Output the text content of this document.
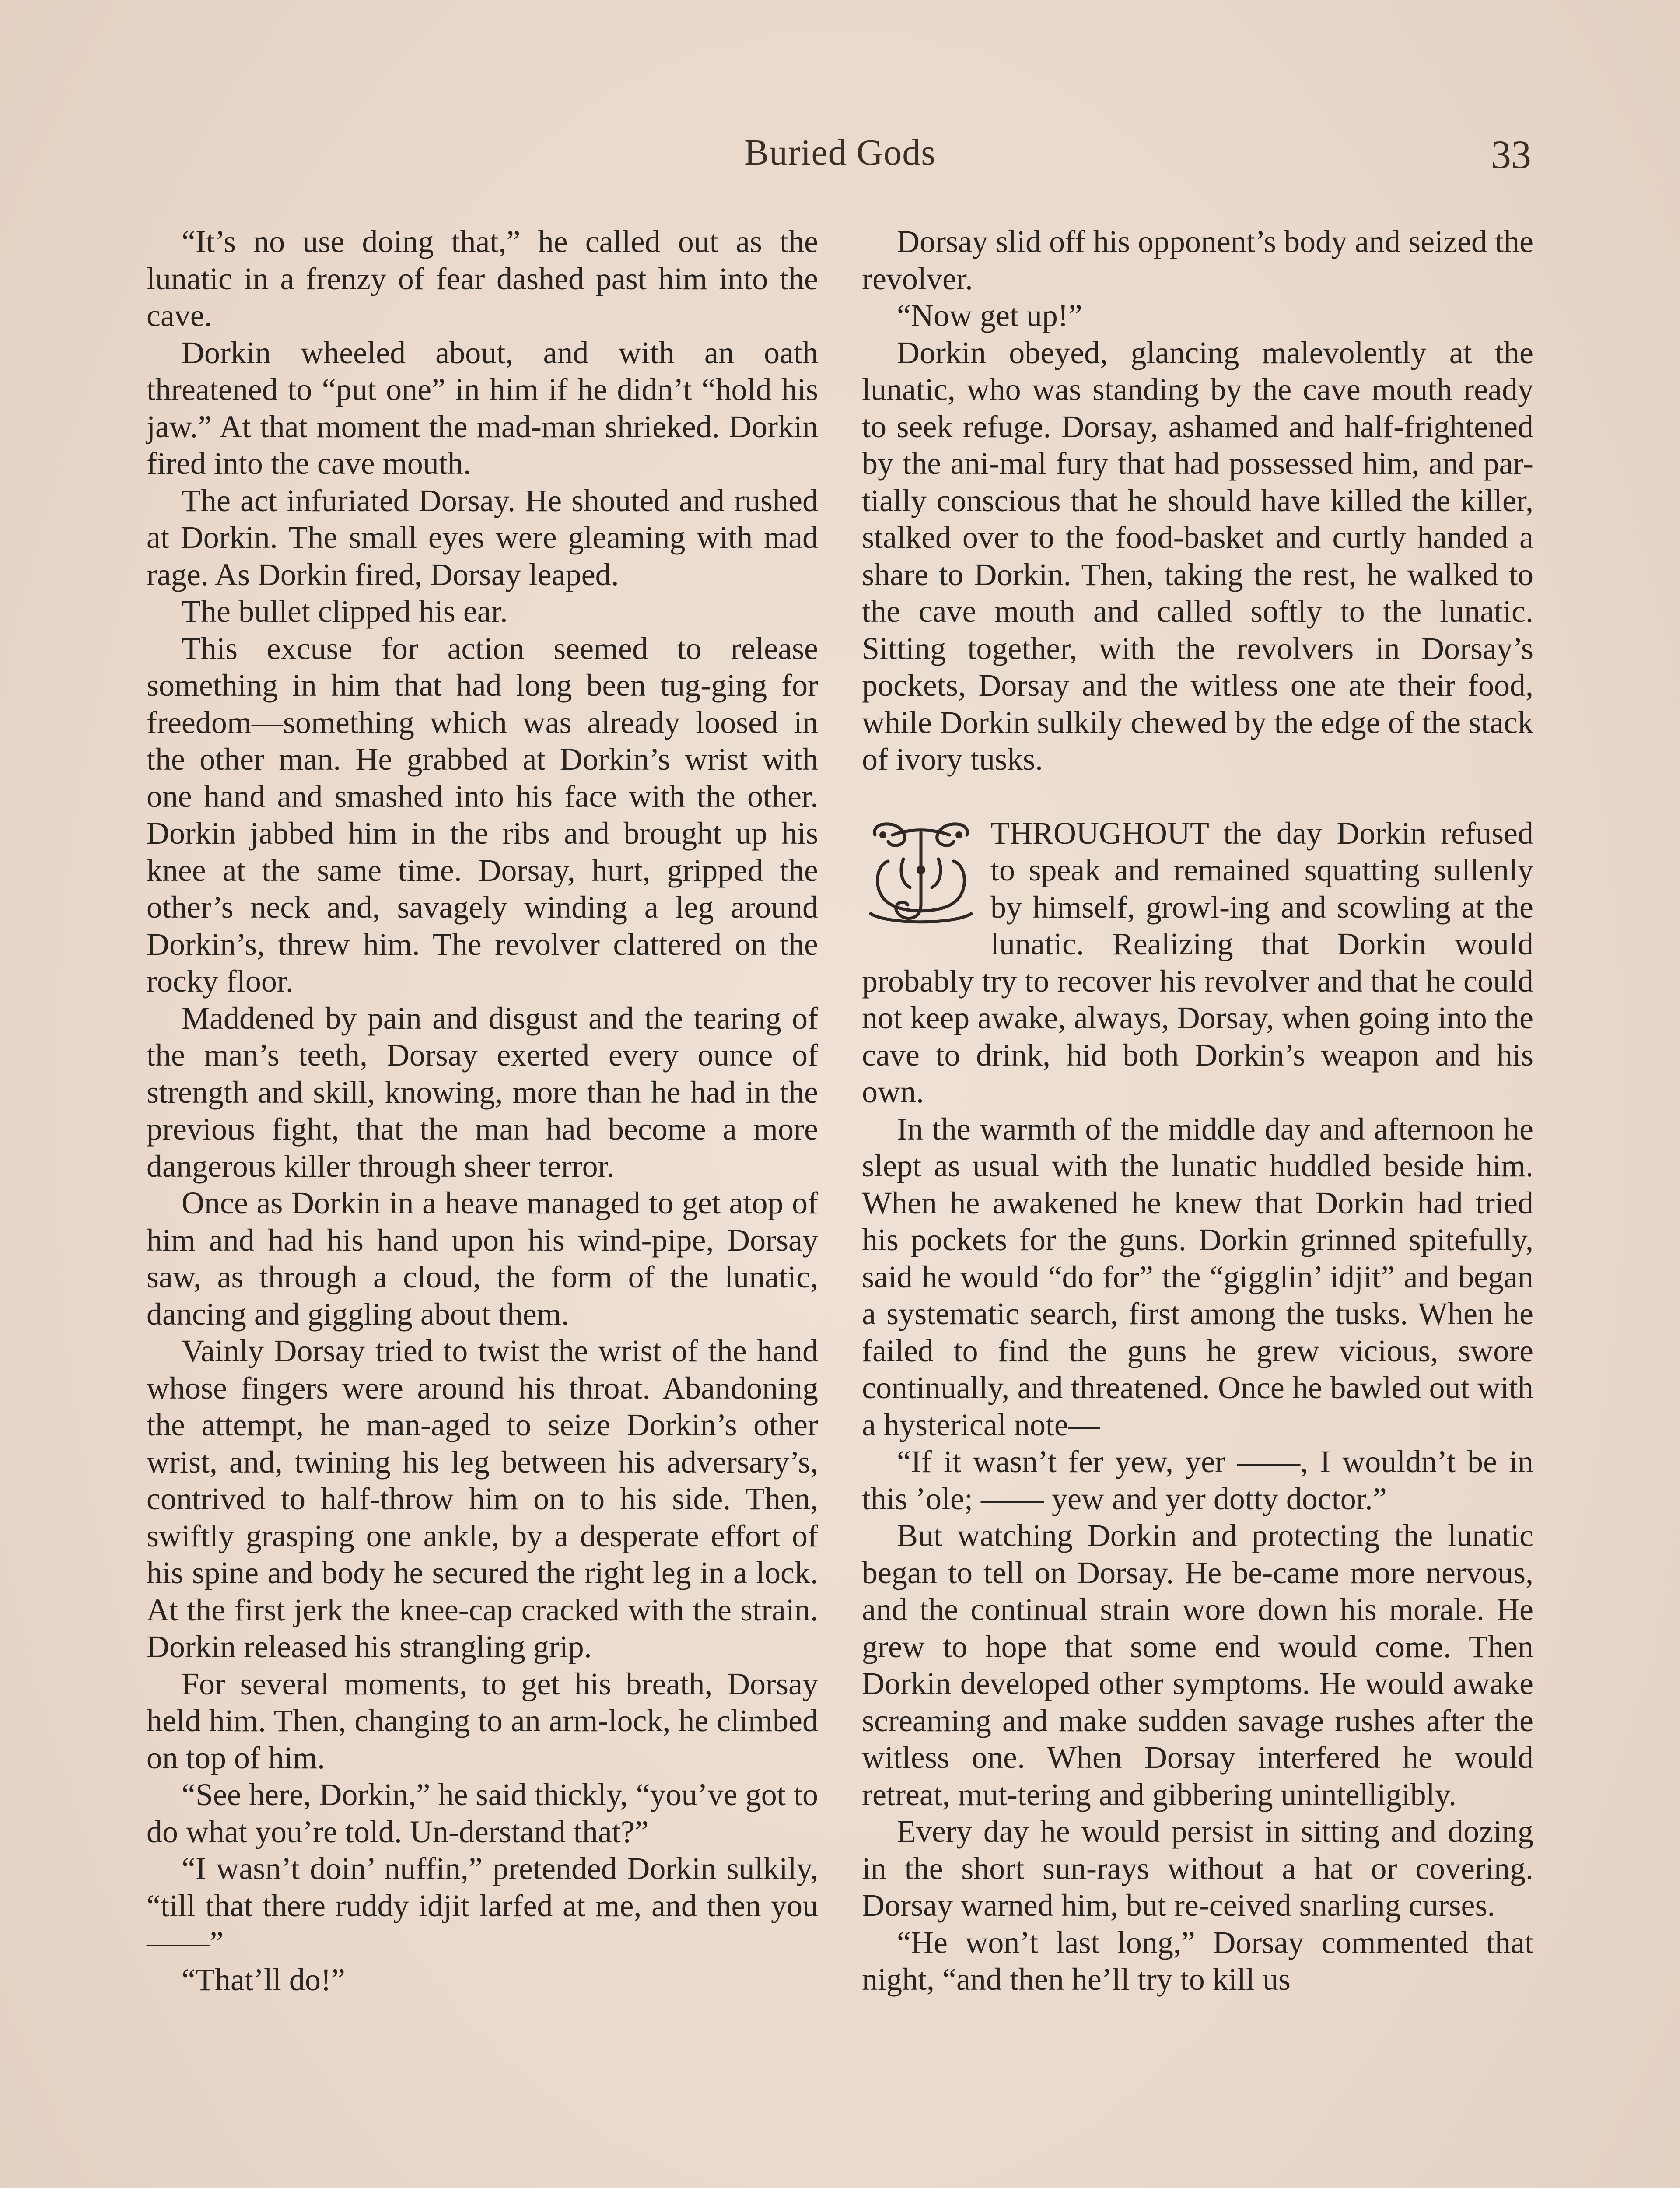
Buried Gods	33

“It’s no use doing that,” he called out as the lunatic in a frenzy of fear dashed past him into the cave.

Dorkin wheeled about, and with an oath threatened to “put one” in him if he didn’t “hold his jaw.” At that moment the mad-man shrieked. Dorkin fired into the cave mouth.

The act infuriated Dorsay. He shouted and rushed at Dorkin. The small eyes were gleaming with mad rage. As Dorkin fired, Dorsay leaped.

The bullet clipped his ear.

This excuse for action seemed to release something in him that had long been tug-ging for freedom—something which was already loosed in the other man. He grabbed at Dorkin’s wrist with one hand and smashed into his face with the other. Dorkin jabbed him in the ribs and brought up his knee at the same time. Dorsay, hurt, gripped the other’s neck and, savagely winding a leg around Dorkin’s, threw him. The revolver clattered on the rocky floor.

Maddened by pain and disgust and the tearing of the man’s teeth, Dorsay exerted every ounce of strength and skill, knowing, more than he had in the previous fight, that the man had become a more dangerous killer through sheer terror.

Once as Dorkin in a heave managed to get atop of him and had his hand upon his wind-pipe, Dorsay saw, as through a cloud, the form of the lunatic, dancing and giggling about them.

Vainly Dorsay tried to twist the wrist of the hand whose fingers were around his throat. Abandoning the attempt, he man-aged to seize Dorkin’s other wrist, and, twining his leg between his adversary’s, contrived to half-throw him on to his side. Then, swiftly grasping one ankle, by a desperate effort of his spine and body he secured the right leg in a lock. At the first jerk the knee-cap cracked with the strain. Dorkin released his strangling grip.

For several moments, to get his breath, Dorsay held him. Then, changing to an arm-lock, he climbed on top of him.

“See here, Dorkin,” he said thickly, “you’ve got to do what you’re told. Un-derstand that?”

“I wasn’t doin’ nuffin,” pretended Dorkin sulkily, “till that there ruddy idjit larfed at me, and then you——”

“That’ll do!”

Dorsay slid off his opponent’s body and seized the revolver.

“Now get up!”

Dorkin obeyed, glancing malevolently at the lunatic, who was standing by the cave mouth ready to seek refuge. Dorsay, ashamed and half-frightened by the ani-mal fury that had possessed him, and par-tially conscious that he should have killed the killer, stalked over to the food-basket and curtly handed a share to Dorkin. Then, taking the rest, he walked to the cave mouth and called softly to the lunatic. Sitting together, with the revolvers in Dorsay’s pockets, Dorsay and the witless one ate their food, while Dorkin sulkily chewed by the edge of the stack of ivory tusks.

THROUGHOUT the day Dorkin refused to speak and remained squatting sullenly by himself, growl-ing and scowling at the lunatic. Realizing that Dorkin would probably try to recover his revolver and that he could not keep awake, always, Dorsay, when going into the cave to drink, hid both Dorkin’s weapon and his own.

In the warmth of the middle day and afternoon he slept as usual with the lunatic huddled beside him. When he awakened he knew that Dorkin had tried his pockets for the guns. Dorkin grinned spitefully, said he would “do for” the “gigglin’ idjit” and began a systematic search, first among the tusks. When he failed to find the guns he grew vicious, swore continually, and threatened. Once he bawled out with a hysterical note—

“If it wasn’t fer yew, yer ——, I wouldn’t be in this ’ole; —— yew and yer dotty doctor.”

But watching Dorkin and protecting the lunatic began to tell on Dorsay. He be-came more nervous, and the continual strain wore down his morale. He grew to hope that some end would come. Then Dorkin developed other symptoms. He would awake screaming and make sudden savage rushes after the witless one. When Dorsay interfered he would retreat, mut-tering and gibbering unintelligibly.

Every day he would persist in sitting and dozing in the short sun-rays without a hat or covering. Dorsay warned him, but re-ceived snarling curses.

“He won’t last long,” Dorsay commented that night, “and then he’ll try to kill us
